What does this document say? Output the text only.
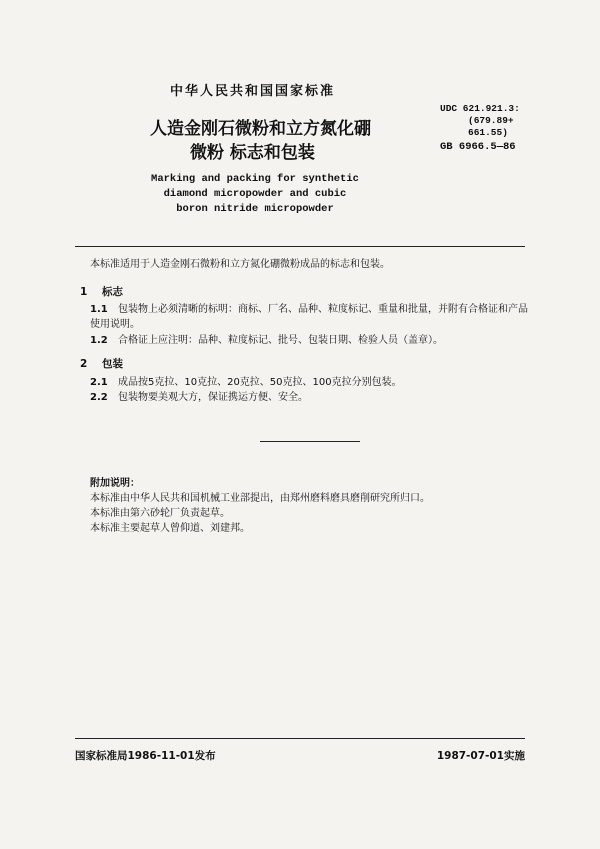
中华人民共和国国家标准
人造金刚石微粉和立方氮化硼

微粉 标志和包装
Marking and packing for synthetic
diamond micropowder and cubic
boron nitride micropowder
UDC 621.921.3:
(679.89+
661.55)
GB 6966.5—86
本标准适用于人造金刚石微粉和立方氮化硼微粉成品的标志和包装。
1 标志
1.1 包装物上必须清晰的标明：商标、厂名、品种、粒度标记、重量和批量，并附有合格证和产品使用说明。
1.2 合格证上应注明：品种、粒度标记、批号、包装日期、检验人员（盖章）。
2 包装
2.1 成品按5克拉、10克拉、20克拉、50克拉、100克拉分别包装。
2.2 包装物要美观大方，保证携运方便、安全。
附加说明：
本标准由中华人民共和国机械工业部提出，由郑州磨料磨具磨削研究所归口。
本标准由第六砂轮厂负责起草。
本标准主要起草人曾仰道、刘建邦。
国家标准局1986-11-01发布	1987-07-01实施
